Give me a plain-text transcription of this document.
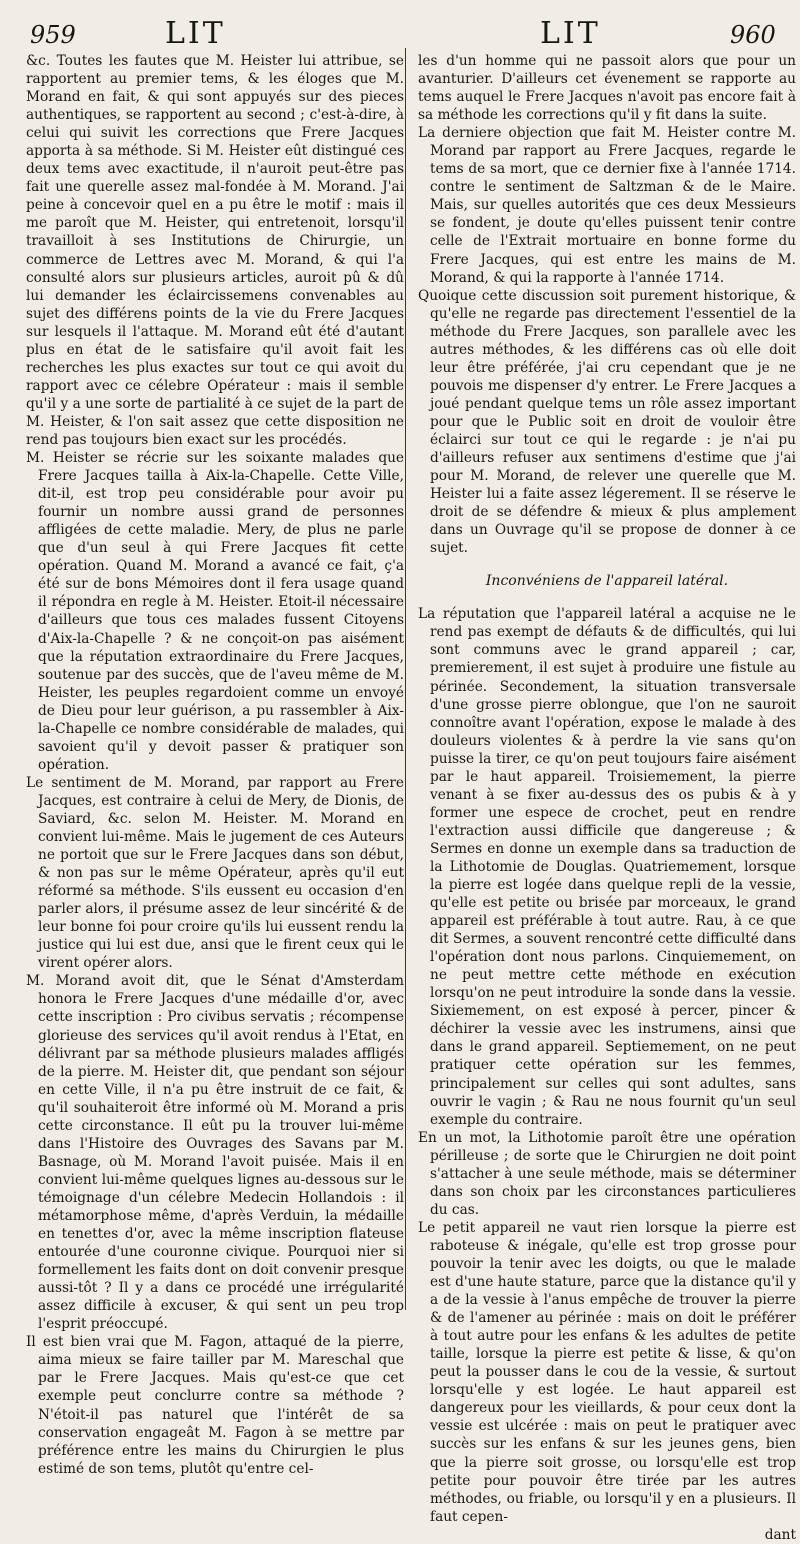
959	LIT	LIT	960

&c. Toutes les fautes que M. Heister lui attribue, se rapportent au premier tems, & les éloges que M. Morand en fait, & qui sont appuyés sur des pieces authentiques, se rapportent au second ; c'est-à-dire, à celui qui suivit les corrections que Frere Jacques apporta à sa méthode. Si M. Heister eût distingué ces deux tems avec exactitude, il n'auroit peut-être pas fait une querelle assez mal-fondée à M. Morand. J'ai peine à concevoir quel en a pu être le motif : mais il me paroît que M. Heister, qui entretenoit, lorsqu'il travailloit à ses Institutions de Chirurgie, un commerce de Lettres avec M. Morand, & qui l'a consulté alors sur plusieurs articles, auroit pû & dû lui demander les éclaircissemens convenables au sujet des différens points de la vie du Frere Jacques sur lesquels il l'attaque. M. Morand eût été d'autant plus en état de le satisfaire qu'il avoit fait les recherches les plus exactes sur tout ce qui avoit du rapport avec ce célebre Opérateur : mais il semble qu'il y a une sorte de partialité à ce sujet de la part de M. Heister, & l'on sait assez que cette disposition ne rend pas toujours bien exact sur les procédés.

M. Heister se récrie sur les soixante malades que Frere Jacques tailla à Aix-la-Chapelle. Cette Ville, dit-il, est trop peu considérable pour avoir pu fournir un nombre aussi grand de personnes affligées de cette maladie. Mery, de plus ne parle que d'un seul à qui Frere Jacques fit cette opération. Quand M. Morand a avancé ce fait, ç'a été sur de bons Mémoires dont il fera usage quand il répondra en regle à M. Heister. Etoit-il nécessaire d'ailleurs que tous ces malades fussent Citoyens d'Aix-la-Chapelle ? & ne conçoit-on pas aisément que la réputation extraordinaire du Frere Jacques, soutenue par des succès, que de l'aveu même de M. Heister, les peuples regardoient comme un envoyé de Dieu pour leur guérison, a pu rassembler à Aix-la-Chapelle ce nombre considérable de malades, qui savoient qu'il y devoit passer & pratiquer son opération.

Le sentiment de M. Morand, par rapport au Frere Jacques, est contraire à celui de Mery, de Dionis, de Saviard, &c. selon M. Heister. M. Morand en convient lui-même. Mais le jugement de ces Auteurs ne portoit que sur le Frere Jacques dans son début, & non pas sur le même Opérateur, après qu'il eut réformé sa méthode. S'ils eussent eu occasion d'en parler alors, il présume assez de leur sincérité & de leur bonne foi pour croire qu'ils lui eussent rendu la justice qui lui est due, ansi que le firent ceux qui le virent opérer alors.

M. Morand avoit dit, que le Sénat d'Amsterdam honora le Frere Jacques d'une médaille d'or, avec cette inscription : Pro civibus servatis ; récompense glorieuse des services qu'il avoit rendus à l'Etat, en délivrant par sa méthode plusieurs malades affligés de la pierre. M. Heister dit, que pendant son séjour en cette Ville, il n'a pu être instruit de ce fait, & qu'il souhaiteroit être informé où M. Morand a pris cette circonstance. Il eût pu la trouver lui-même dans l'Histoire des Ouvrages des Savans par M. Basnage, où M. Morand l'avoit puisée. Mais il en convient lui-même quelques lignes au-dessous sur le témoignage d'un célebre Medecin Hollandois : il métamorphose même, d'après Verduin, la médaille en tenettes d'or, avec la même inscription flateuse entourée d'une couronne civique. Pourquoi nier si formellement les faits dont on doit convenir presque aussi-tôt ? Il y a dans ce procédé une irrégularité assez difficile à excuser, & qui sent un peu trop l'esprit préoccupé.

Il est bien vrai que M. Fagon, attaqué de la pierre, aima mieux se faire tailler par M. Mareschal que par le Frere Jacques. Mais qu'est-ce que cet exemple peut conclurre contre sa méthode ? N'étoit-il pas naturel que l'intérêt de sa conservation engageât M. Fagon à se mettre par préférence entre les mains du Chirurgien le plus estimé de son tems, plutôt qu'entre cel-

les d'un homme qui ne passoit alors que pour un avanturier. D'ailleurs cet évenement se rapporte au tems auquel le Frere Jacques n'avoit pas encore fait à sa méthode les corrections qu'il y fit dans la suite.

La derniere objection que fait M. Heister contre M. Morand par rapport au Frere Jacques, regarde le tems de sa mort, que ce dernier fixe à l'année 1714. contre le sentiment de Saltzman & de le Maire. Mais, sur quelles autorités que ces deux Messieurs se fondent, je doute qu'elles puissent tenir contre celle de l'Extrait mortuaire en bonne forme du Frere Jacques, qui est entre les mains de M. Morand, & qui la rapporte à l'année 1714.

Quoique cette discussion soit purement historique, & qu'elle ne regarde pas directement l'essentiel de la méthode du Frere Jacques, son parallele avec les autres méthodes, & les différens cas où elle doit leur être préférée, j'ai cru cependant que je ne pouvois me dispenser d'y entrer. Le Frere Jacques a joué pendant quelque tems un rôle assez important pour que le Public soit en droit de vouloir être éclairci sur tout ce qui le regarde : je n'ai pu d'ailleurs refuser aux sentimens d'estime que j'ai pour M. Morand, de relever une querelle que M. Heister lui a faite assez légerement. Il se réserve le droit de se défendre & mieux & plus amplement dans un Ouvrage qu'il se propose de donner à ce sujet.

Inconvéniens de l'appareil latéral.

La réputation que l'appareil latéral a acquise ne le rend pas exempt de défauts & de difficultés, qui lui sont communs avec le grand appareil ; car, premierement, il est sujet à produire une fistule au périnée. Secondement, la situation transversale d'une grosse pierre oblongue, que l'on ne sauroit connoître avant l'opération, expose le malade à des douleurs violentes & à perdre la vie sans qu'on puisse la tirer, ce qu'on peut toujours faire aisément par le haut appareil. Troisiemement, la pierre venant à se fixer au-dessus des os pubis & à y former une espece de crochet, peut en rendre l'extraction aussi difficile que dangereuse ; & Sermes en donne un exemple dans sa traduction de la Lithotomie de Douglas. Quatriemement, lorsque la pierre est logée dans quelque repli de la vessie, qu'elle est petite ou brisée par morceaux, le grand appareil est préférable à tout autre. Rau, à ce que dit Sermes, a souvent rencontré cette difficulté dans l'opération dont nous parlons. Cinquiemement, on ne peut mettre cette méthode en exécution lorsqu'on ne peut introduire la sonde dans la vessie. Sixiemement, on est exposé à percer, pincer & déchirer la vessie avec les instrumens, ainsi que dans le grand appareil. Septiemement, on ne peut pratiquer cette opération sur les femmes, principalement sur celles qui sont adultes, sans ouvrir le vagin ; & Rau ne nous fournit qu'un seul exemple du contraire.

En un mot, la Lithotomie paroît être une opération périlleuse ; de sorte que le Chirurgien ne doit point s'attacher à une seule méthode, mais se déterminer dans son choix par les circonstances particulieres du cas.

Le petit appareil ne vaut rien lorsque la pierre est raboteuse & inégale, qu'elle est trop grosse pour pouvoir la tenir avec les doigts, ou que le malade est d'une haute stature, parce que la distance qu'il y a de la vessie à l'anus empêche de trouver la pierre & de l'amener au périnée : mais on doit le préférer à tout autre pour les enfans & les adultes de petite taille, lorsque la pierre est petite & lisse, & qu'on peut la pousser dans le cou de la vessie, & surtout lorsqu'elle y est logée. Le haut appareil est dangereux pour les vieillards, & pour ceux dont la vessie est ulcérée : mais on peut le pratiquer avec succès sur les enfans & sur les jeunes gens, bien que la pierre soit grosse, ou lorsqu'elle est trop petite pour pouvoir être tirée par les autres méthodes, ou friable, ou lorsqu'il y en a plusieurs. Il faut cepen-

dant
